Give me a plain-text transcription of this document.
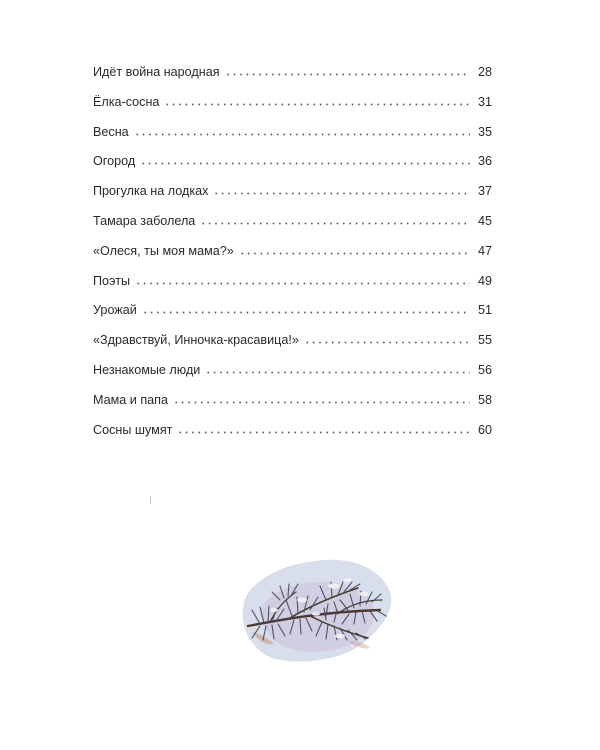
Идёт война народная	28
Ёлка-сосна	31
Весна	35
Огород	36
Прогулка на лодках	37
Тамара заболела	45
«Олеся, ты моя мама?»	47
Поэты	49
Урожай	51
«Здравствуй, Инночка-красавица!»	55
Незнакомые люди	56
Мама и папа	58
Сосны шумят	60
